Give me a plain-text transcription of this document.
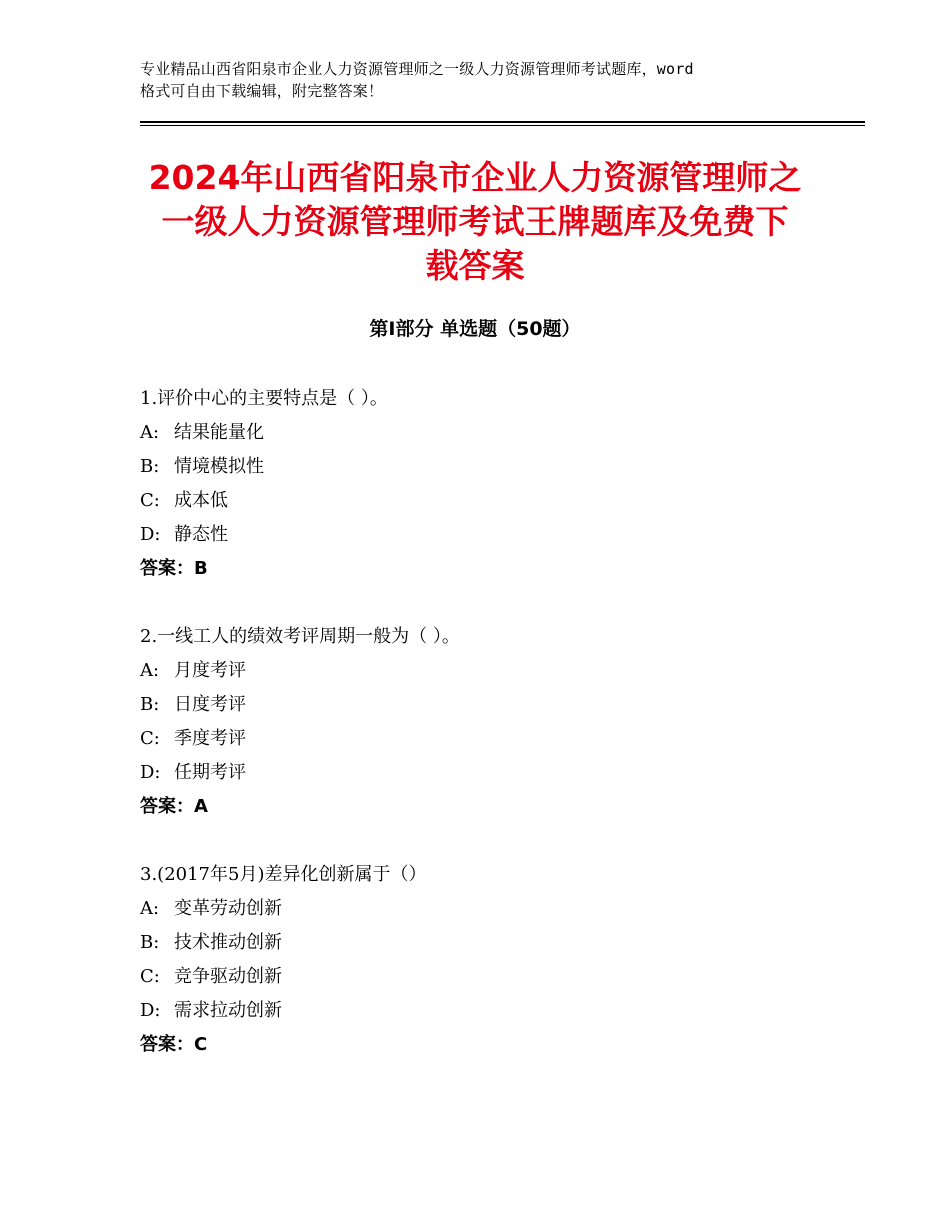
专业精品山西省阳泉市企业人力资源管理师之一级人力资源管理师考试题库，word
格式可自由下载编辑，附完整答案！
2024年山西省阳泉市企业人力资源管理师之
一级人力资源管理师考试王牌题库及免费下
载答案
第Ⅰ部分 单选题（50题）
1.评价中心的主要特点是（ ）。
A: 结果能量化
B: 情境模拟性
C: 成本低
D: 静态性
答案：B
2.一线工人的绩效考评周期一般为（ ）。
A: 月度考评
B: 日度考评
C: 季度考评
D: 任期考评
答案：A
3.(2017年5月)差异化创新属于（）
A: 变革劳动创新
B: 技术推动创新
C: 竞争驱动创新
D: 需求拉动创新
答案：C
